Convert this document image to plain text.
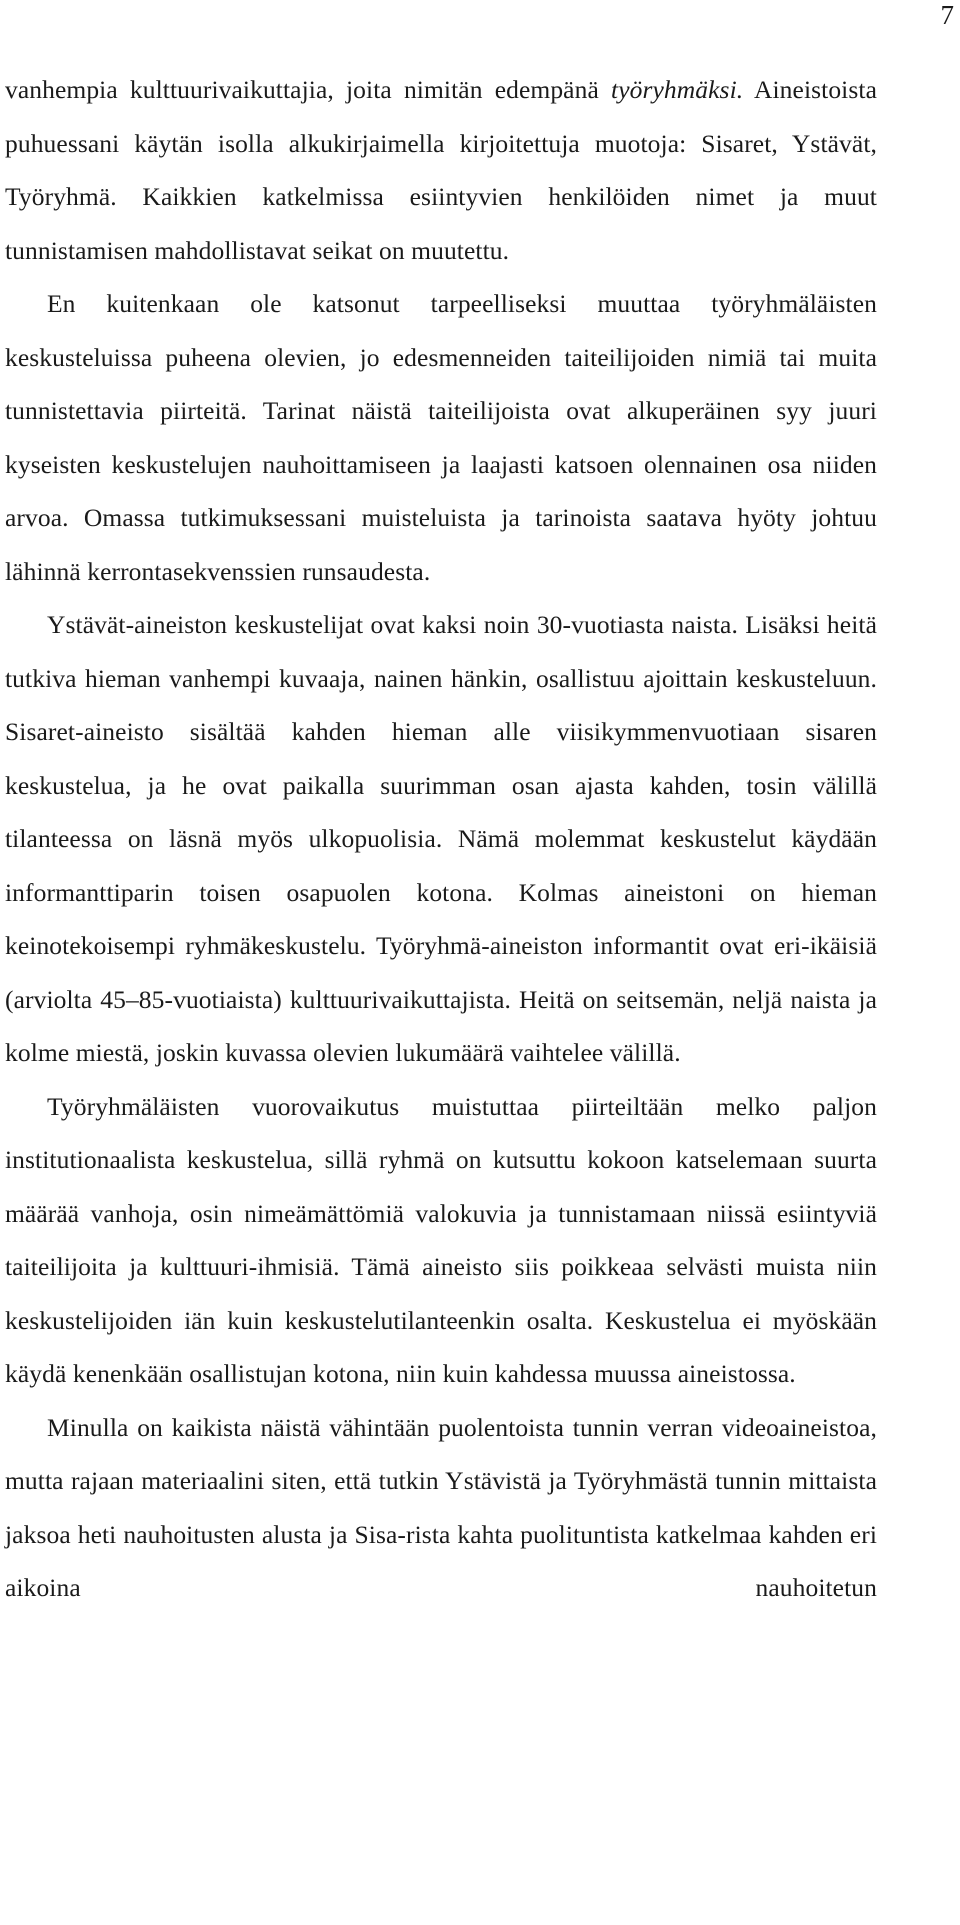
7

vanhempia kulttuurivaikuttajia, joita nimitän edempänä työryhmäksi. Aineistoista puhuessani käytän isolla alkukirjaimella kirjoitettuja muotoja: Sisaret, Ystävät, Työryhmä. Kaikkien katkelmissa esiintyvien henkilöiden nimet ja muut tunnistamisen mahdollistavat seikat on muutettu.

En kuitenkaan ole katsonut tarpeelliseksi muuttaa työryhmäläisten keskusteluissa puheena olevien, jo edesmenneiden taiteilijoiden nimiä tai muita tunnistettavia piirteitä. Tarinat näistä taiteilijoista ovat alkuperäinen syy juuri kyseisten keskustelujen nauhoittamiseen ja laajasti katsoen olennainen osa niiden arvoa. Omassa tutkimuksessani muisteluista ja tarinoista saatava hyöty johtuu lähinnä kerrontasekvenssien runsaudesta.

Ystävät-aineiston keskustelijat ovat kaksi noin 30-vuotiasta naista. Lisäksi heitä tutkiva hieman vanhempi kuvaaja, nainen hänkin, osallistuu ajoittain keskusteluun. Sisaret-aineisto sisältää kahden hieman alle viisikymmenvuotiaan sisaren keskustelua, ja he ovat paikalla suurimman osan ajasta kahden, tosin välillä tilanteessa on läsnä myös ulkopuolisia. Nämä molemmat keskustelut käydään informanttiparin toisen osapuolen kotona. Kolmas aineistoni on hieman keinotekoisempi ryhmäkeskustelu. Työryhmä-aineiston informantit ovat eri-ikäisiä (arviolta 45–85-vuotiaista) kulttuurivaikuttajista. Heitä on seitsemän, neljä naista ja kolme miestä, joskin kuvassa olevien lukumäärä vaihtelee välillä.

Työryhmäläisten vuorovaikutus muistuttaa piirteiltään melko paljon institutionaalista keskustelua, sillä ryhmä on kutsuttu kokoon katselemaan suurta määrää vanhoja, osin nimeämättömiä valokuvia ja tunnistamaan niissä esiintyviä taiteilijoita ja kulttuuri-ihmisiä. Tämä aineisto siis poikkeaa selvästi muista niin keskustelijoiden iän kuin keskustelutilanteenkin osalta. Keskustelua ei myöskään käydä kenenkään osallistujan kotona, niin kuin kahdessa muussa aineistossa.

Minulla on kaikista näistä vähintään puolentoista tunnin verran videoaineistoa, mutta rajaan materiaalini siten, että tutkin Ystävistä ja Työryhmästä tunnin mittaista jaksoa heti nauhoitusten alusta ja Sisa-rista kahta puolituntista katkelmaa kahden eri aikoina nauhoitetun
